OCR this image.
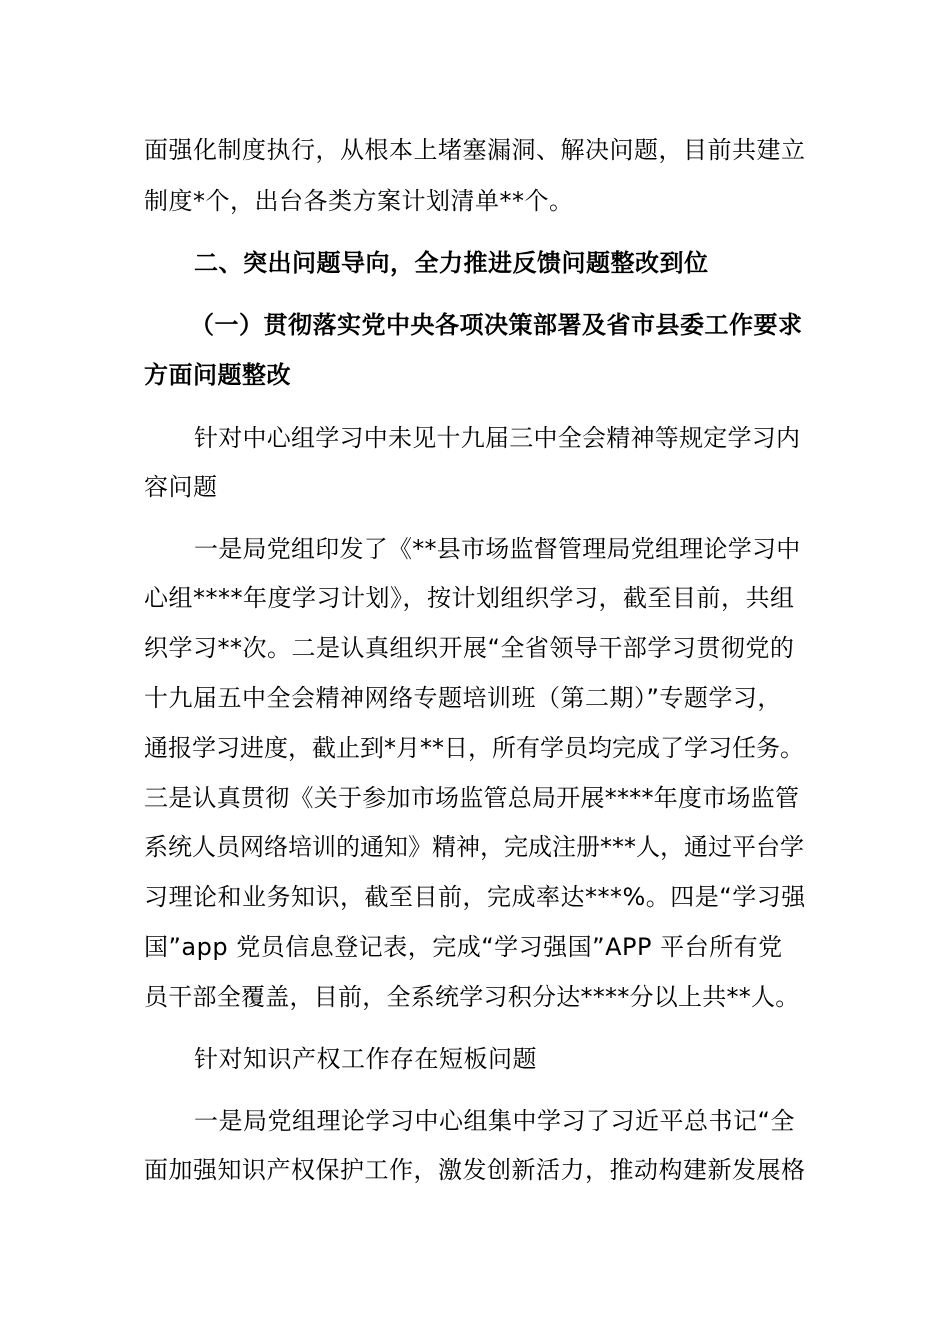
面强化制度执行，从根本上堵塞漏洞、解决问题，目前共建立
制度*个，出台各类方案计划清单**个。
二、突出问题导向，全力推进反馈问题整改到位
（一）贯彻落实党中央各项决策部署及省市县委工作要求
方面问题整改
针对中心组学习中未见十九届三中全会精神等规定学习内
容问题
一是局党组印发了《**县市场监督管理局党组理论学习中
心组****年度学习计划》，按计划组织学习，截至目前，共组
织学习**次。二是认真组织开展“全省领导干部学习贯彻党的
十九届五中全会精神网络专题培训班（第二期）”专题学习，
通报学习进度，截止到*月**日，所有学员均完成了学习任务。
三是认真贯彻《关于参加市场监管总局开展****年度市场监管
系统人员网络培训的通知》精神，完成注册***人，通过平台学
习理论和业务知识，截至目前，完成率达***%。四是“学习强
国”app 党员信息登记表，完成“学习强国”APP 平台所有党
员干部全覆盖，目前，全系统学习积分达****分以上共**人。
针对知识产权工作存在短板问题
一是局党组理论学习中心组集中学习了习近平总书记“全
面加强知识产权保护工作，激发创新活力，推动构建新发展格
